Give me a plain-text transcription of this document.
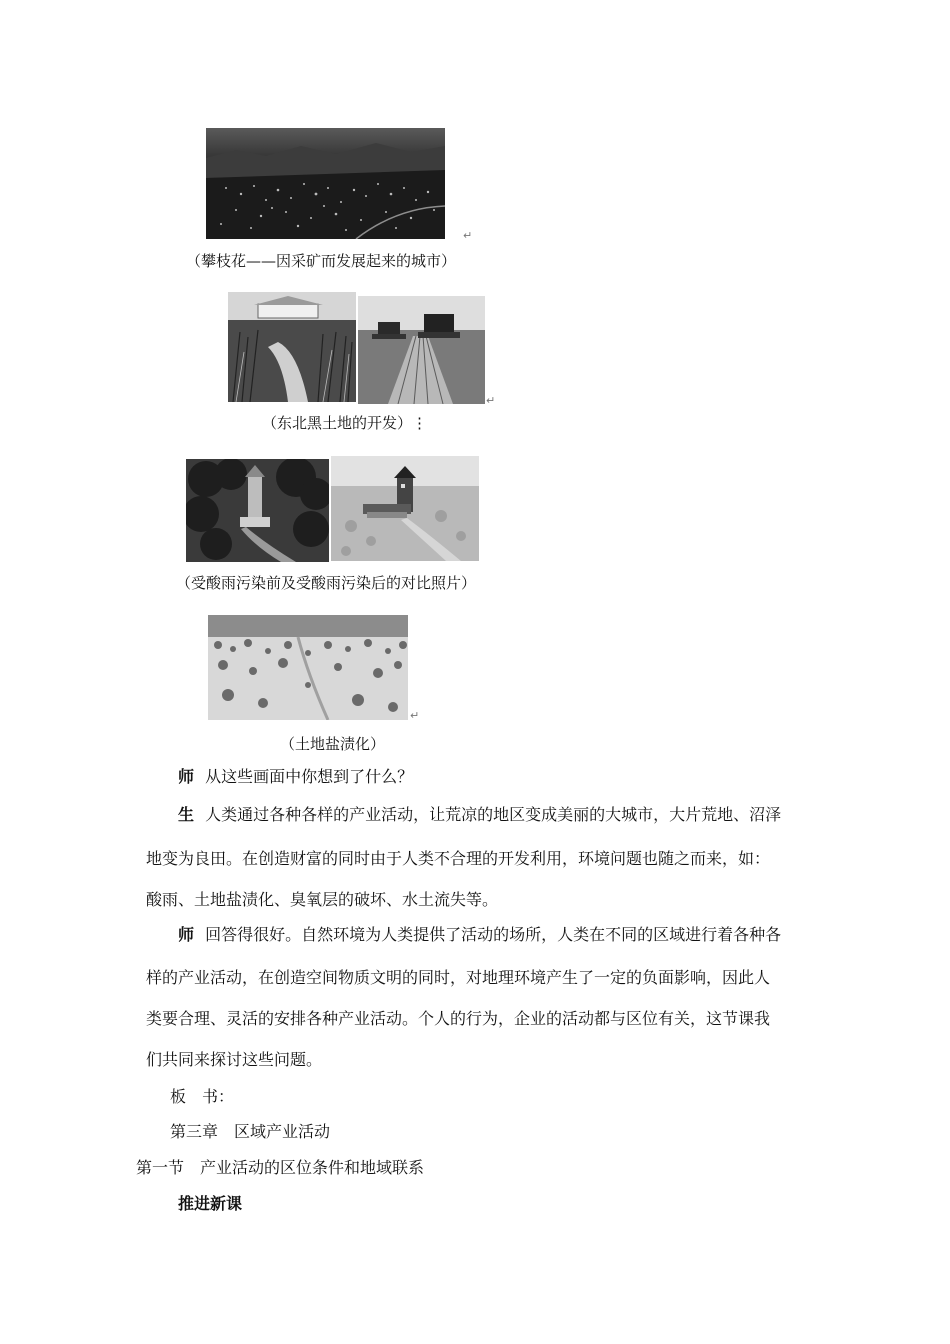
↵
（攀枝花——因采矿而发展起来的城市）
↵
（东北黑土地的开发）⋮
（受酸雨污染前及受酸雨污染后的对比照片）
↵
（土地盐渍化）
师 从这些画面中你想到了什么？
生 人类通过各种各样的产业活动，让荒凉的地区变成美丽的大城市，大片荒地、沼泽
地变为良田。在创造财富的同时由于人类不合理的开发利用，环境问题也随之而来，如：
酸雨、土地盐渍化、臭氧层的破坏、水土流失等。
师 回答得很好。自然环境为人类提供了活动的场所，人类在不同的区域进行着各种各
样的产业活动，在创造空间物质文明的同时，对地理环境产生了一定的负面影响，因此人
类要合理、灵活的安排各种产业活动。个人的行为，企业的活动都与区位有关，这节课我
们共同来探讨这些问题。
板　书：
第三章　区域产业活动
第一节　产业活动的区位条件和地域联系
推进新课
